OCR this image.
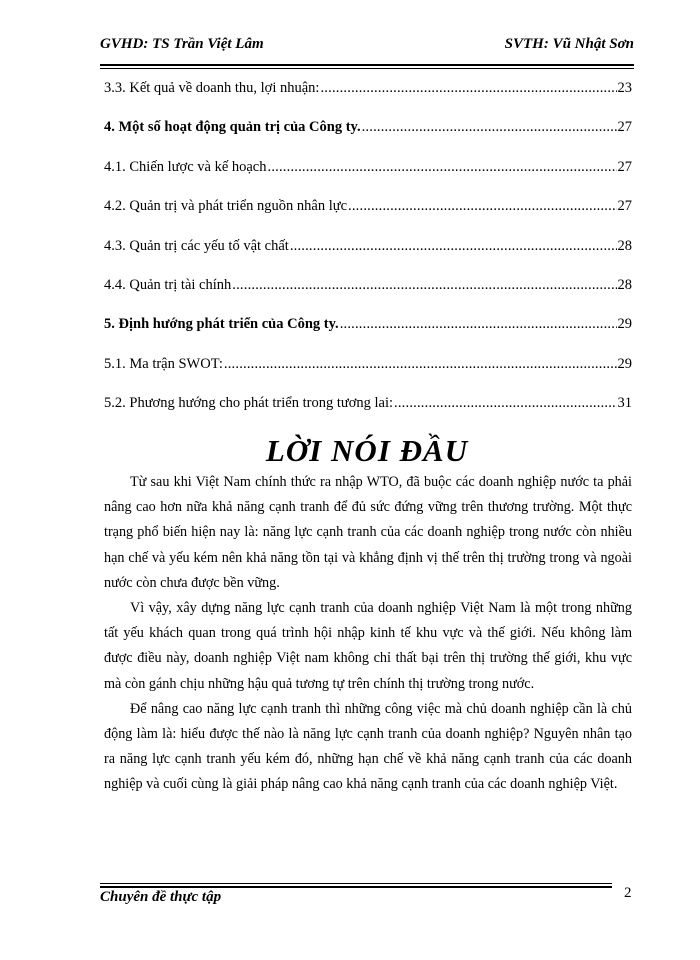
GVHD: TS Trần Việt Lâm	SVTH: Vũ Nhật Sơn
3.3. Kết quả về doanh thu, lợi nhuận: .....	23
4. Một số hoạt động quản trị của Công ty. .....	27
4.1. Chiến lược và kế hoạch .....	27
4.2. Quản trị và phát triển nguồn nhân lực .....	27
4.3. Quản trị các yếu tố vật chất .....	28
4.4. Quản trị tài chính .....	28
5. Định hướng phát triển của Công ty. .....	29
5.1. Ma trận SWOT: .....	29
5.2. Phương hướng cho phát triển trong tương lai: .....	31
LỜI NÓI ĐẦU

Từ sau khi Việt Nam chính thức ra nhập WTO, đã buộc các doanh nghiệp nước ta phải nâng cao hơn nữa khả năng cạnh tranh để đủ sức đứng vững trên thương trường. Một thực trạng phổ biến hiện nay là: năng lực cạnh tranh của các doanh nghiệp trong nước còn nhiều hạn chế và yếu kém nên khả năng tồn tại và khẳng định vị thế trên thị trường trong và ngoài nước còn chưa được bền vững.

Vì vậy, xây dựng năng lực cạnh tranh của doanh nghiệp Việt Nam là một trong những tất yếu khách quan trong quá trình hội nhập kinh tế khu vực và thế giới. Nếu không làm được điều này, doanh nghiệp Việt nam không chỉ thất bại trên thị trường thế giới, khu vực mà còn gánh chịu những hậu quả tương tự trên chính thị trường trong nước.

Để nâng cao năng lực cạnh tranh thì những công việc mà chủ doanh nghiệp cần là chủ động làm là: hiểu được thế nào là năng lực cạnh tranh của doanh nghiệp? Nguyên nhân tạo ra năng lực cạnh tranh yếu kém đó, những hạn chế về khả năng cạnh tranh của các doanh nghiệp và cuối cùng là giải pháp nâng cao khả năng cạnh tranh của các doanh nghiệp Việt.

Chuyên đề thực tập	2
